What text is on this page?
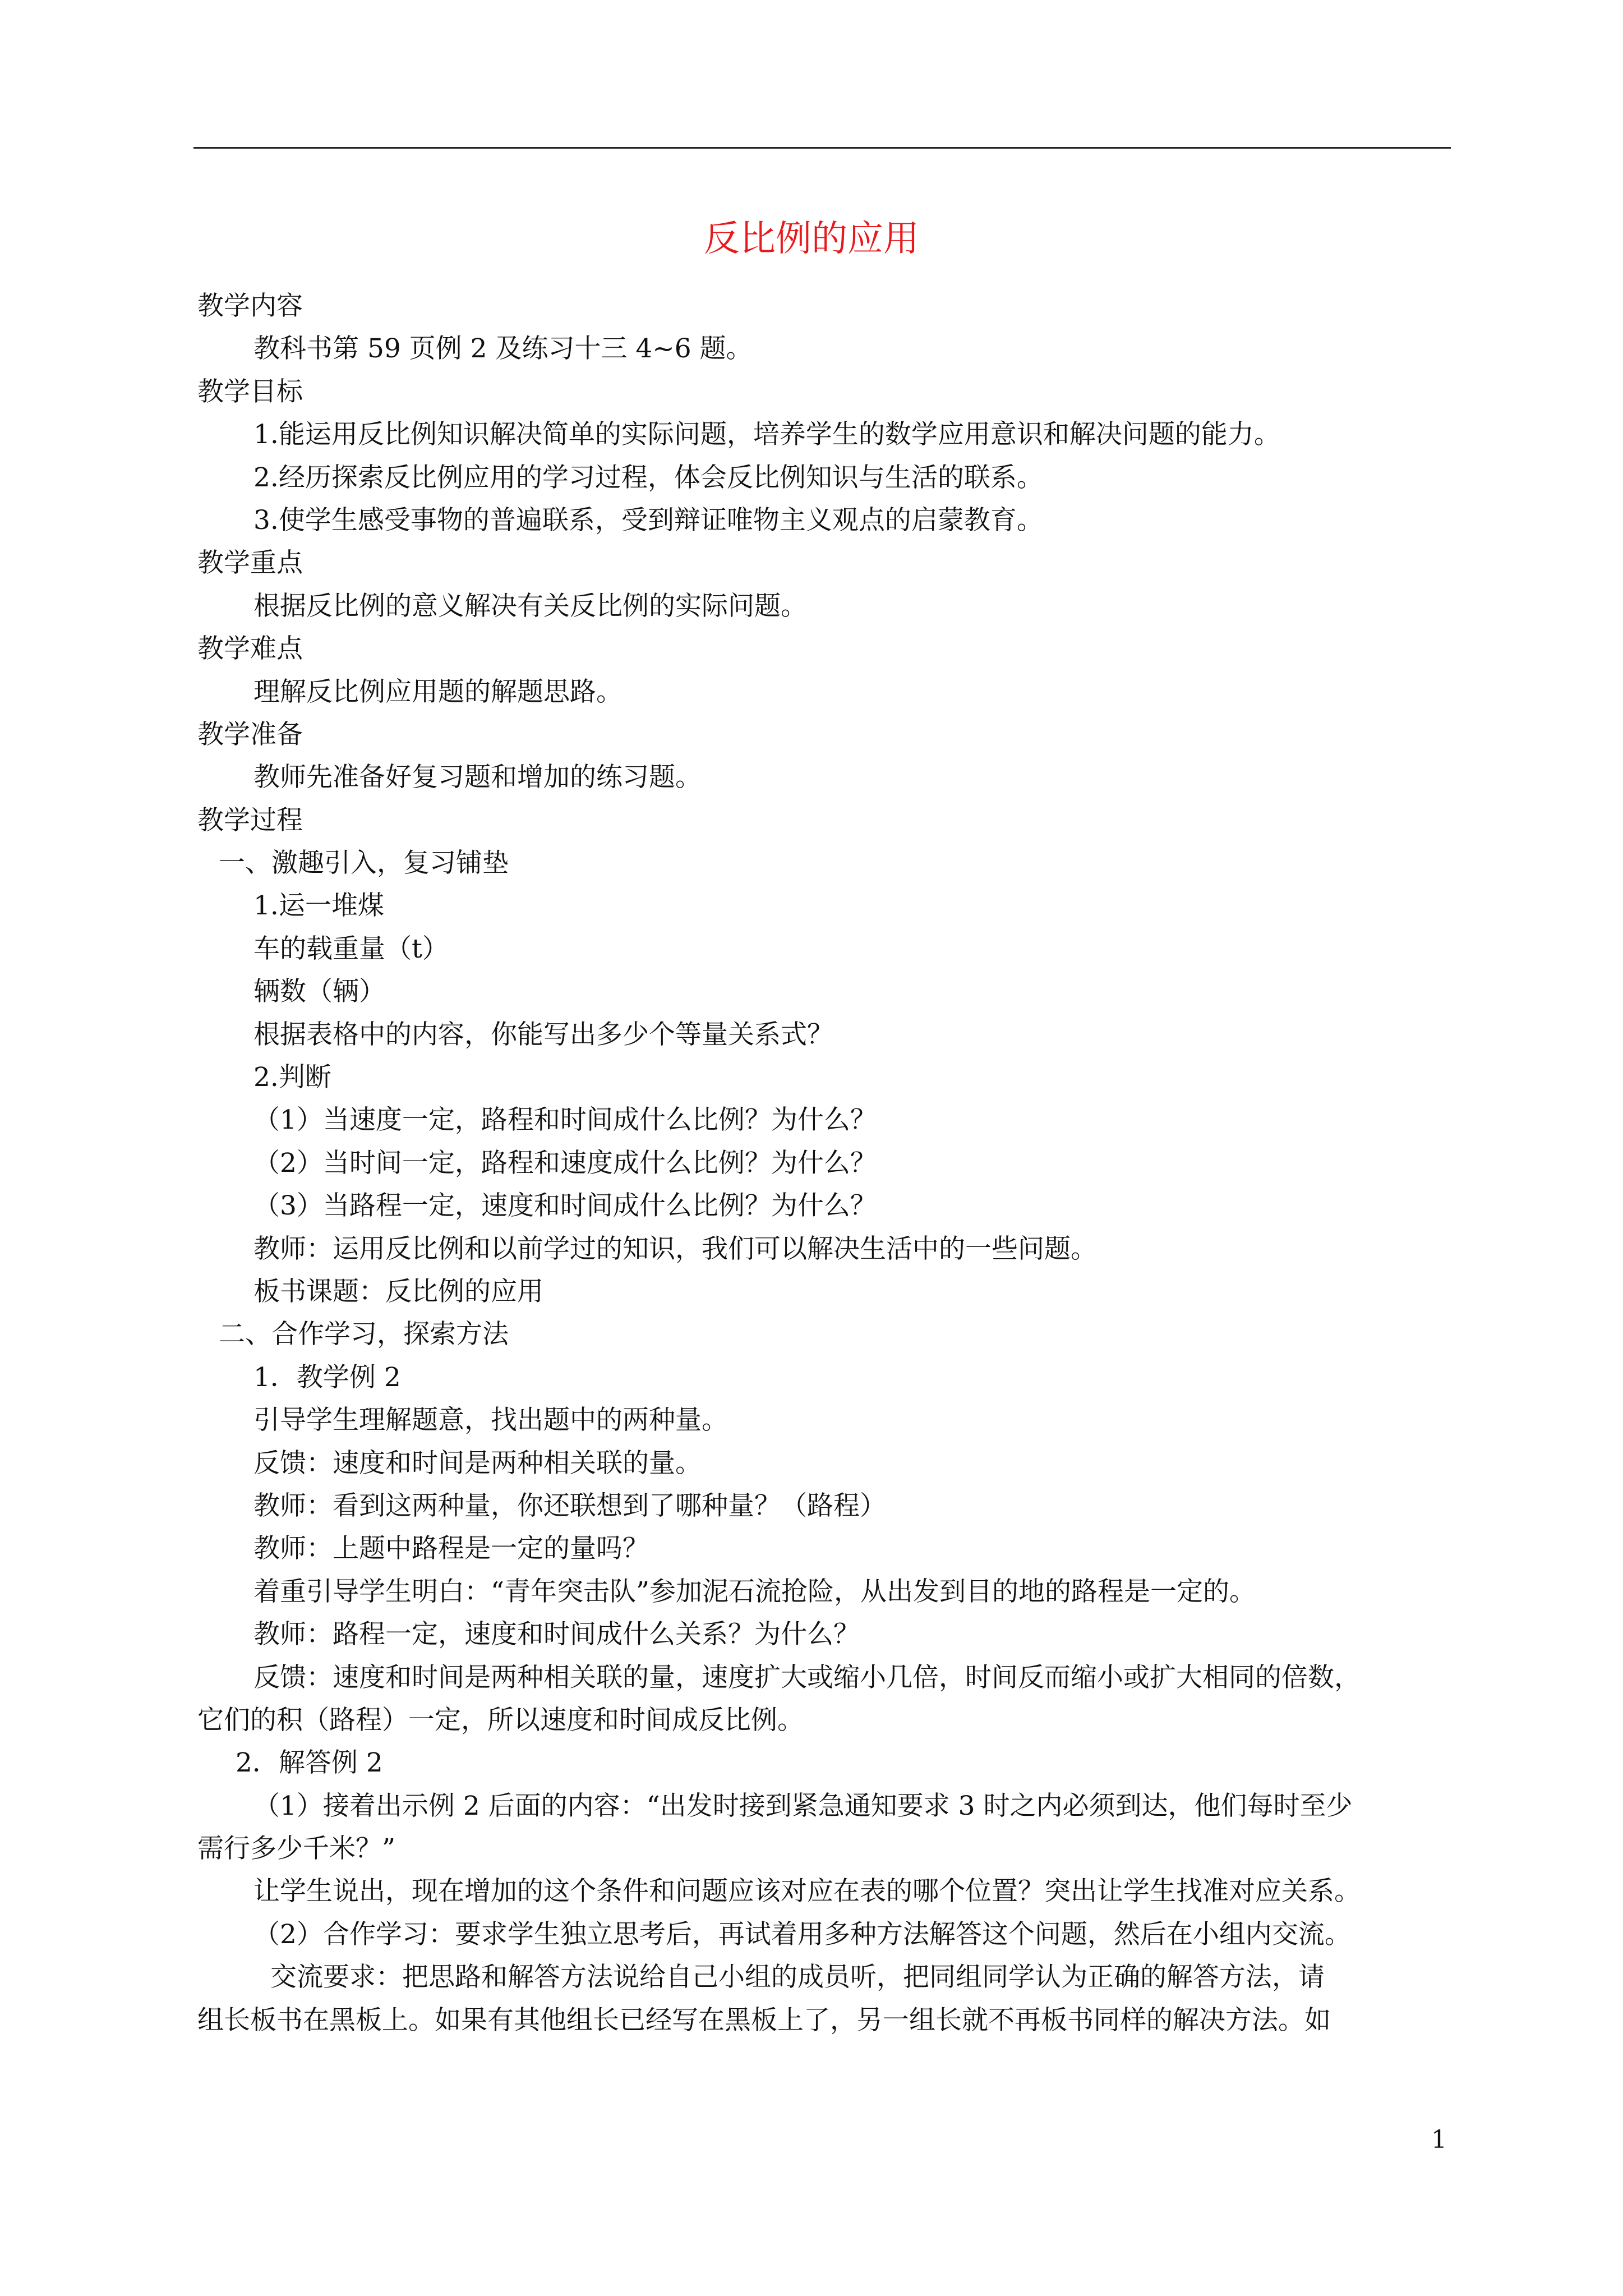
反比例的应用
教学内容
教科书第 59 页例 2 及练习十三 4~6 题。
教学目标
1.能运用反比例知识解决简单的实际问题，培养学生的数学应用意识和解决问题的能力。
2.经历探索反比例应用的学习过程，体会反比例知识与生活的联系。
3.使学生感受事物的普遍联系，受到辩证唯物主义观点的启蒙教育。
教学重点
根据反比例的意义解决有关反比例的实际问题。
教学难点
理解反比例应用题的解题思路。
教学准备
教师先准备好复习题和增加的练习题。
教学过程
一、激趣引入，复习铺垫
1.运一堆煤
车的载重量（t）
辆数（辆）
根据表格中的内容，你能写出多少个等量关系式？
2.判断
（1）当速度一定，路程和时间成什么比例？为什么？
（2）当时间一定，路程和速度成什么比例？为什么？
（3）当路程一定，速度和时间成什么比例？为什么？
教师：运用反比例和以前学过的知识，我们可以解决生活中的一些问题。
板书课题：反比例的应用
二、合作学习，探索方法
1．教学例 2
引导学生理解题意，找出题中的两种量。
反馈：速度和时间是两种相关联的量。
教师：看到这两种量，你还联想到了哪种量？（路程）
教师：上题中路程是一定的量吗？
着重引导学生明白：“青年突击队”参加泥石流抢险，从出发到目的地的路程是一定的。
教师：路程一定，速度和时间成什么关系？为什么？
反馈：速度和时间是两种相关联的量，速度扩大或缩小几倍，时间反而缩小或扩大相同的倍数，
它们的积（路程）一定，所以速度和时间成反比例。
2．解答例 2
（1）接着出示例 2 后面的内容：“出发时接到紧急通知要求 3 时之内必须到达，他们每时至少
需行多少千米？”
让学生说出，现在增加的这个条件和问题应该对应在表的哪个位置？突出让学生找准对应关系。
（2）合作学习：要求学生独立思考后，再试着用多种方法解答这个问题，然后在小组内交流。
交流要求：把思路和解答方法说给自己小组的成员听，把同组同学认为正确的解答方法，请
组长板书在黑板上。如果有其他组长已经写在黑板上了，另一组长就不再板书同样的解决方法。如
1
